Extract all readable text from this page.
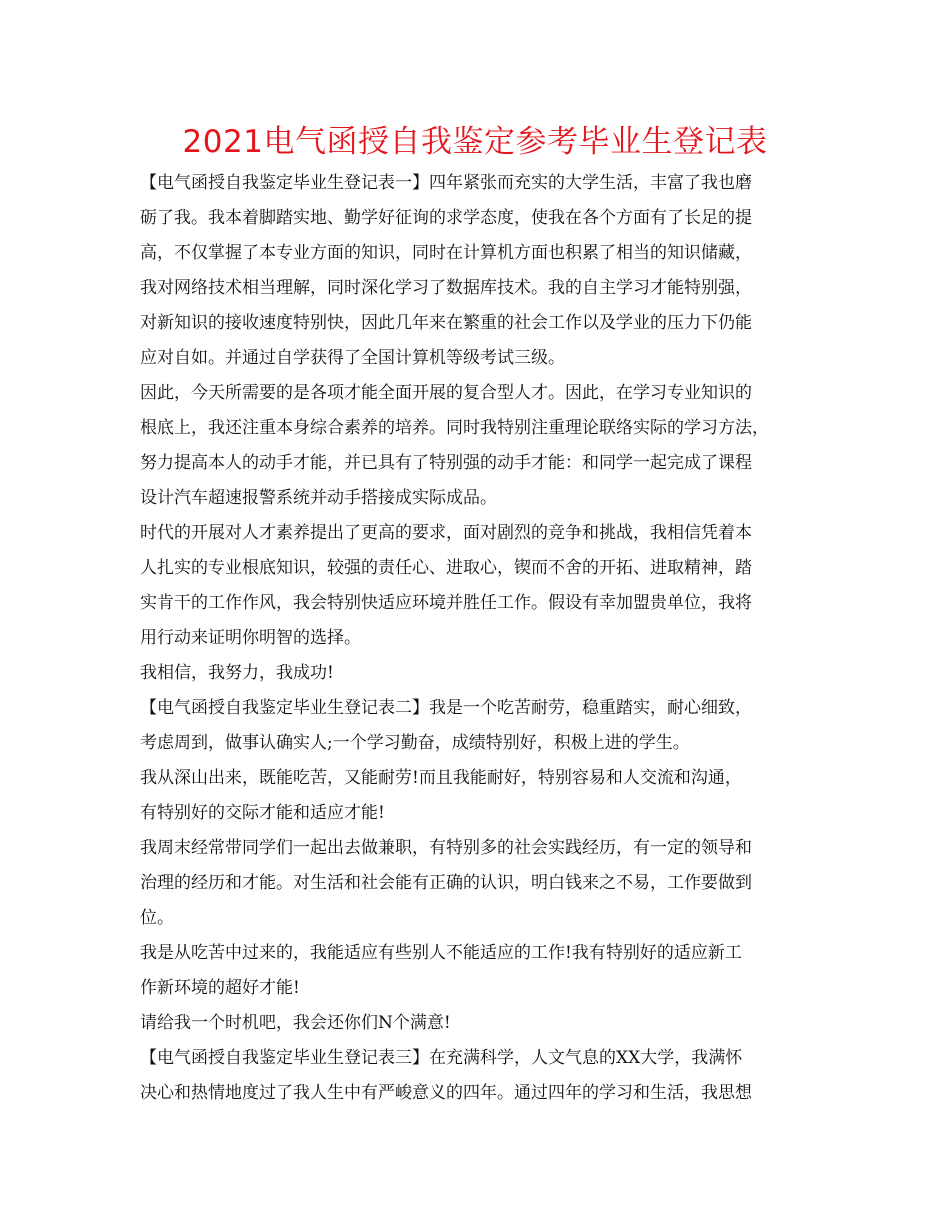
2021电气函授自我鉴定参考毕业生登记表

【电气函授自我鉴定毕业生登记表一】四年紧张而充实的大学生活，丰富了我也磨

砺了我。我本着脚踏实地、勤学好征询的求学态度，使我在各个方面有了长足的提

高，不仅掌握了本专业方面的知识，同时在计算机方面也积累了相当的知识储藏，

我对网络技术相当理解，同时深化学习了数据库技术。我的自主学习才能特别强，

对新知识的接收速度特别快，因此几年来在繁重的社会工作以及学业的压力下仍能

应对自如。并通过自学获得了全国计算机等级考试三级。

因此，今天所需要的是各项才能全面开展的复合型人才。因此，在学习专业知识的

根底上，我还注重本身综合素养的培养。同时我特别注重理论联络实际的学习方法，

努力提高本人的动手才能，并已具有了特别强的动手才能：和同学一起完成了课程

设计汽车超速报警系统并动手搭接成实际成品。

时代的开展对人才素养提出了更高的要求，面对剧烈的竞争和挑战，我相信凭着本

人扎实的专业根底知识，较强的责任心、进取心，锲而不舍的开拓、进取精神，踏

实肯干的工作作风，我会特别快适应环境并胜任工作。假设有幸加盟贵单位，我将

用行动来证明你明智的选择。

我相信，我努力，我成功!

【电气函授自我鉴定毕业生登记表二】我是一个吃苦耐劳，稳重踏实，耐心细致，

考虑周到，做事认确实人;一个学习勤奋，成绩特别好，积极上进的学生。

我从深山出来，既能吃苦，又能耐劳!而且我能耐好，特别容易和人交流和沟通，

有特别好的交际才能和适应才能!

我周末经常带同学们一起出去做兼职，有特别多的社会实践经历，有一定的领导和

治理的经历和才能。对生活和社会能有正确的认识，明白钱来之不易，工作要做到

位。

我是从吃苦中过来的，我能适应有些别人不能适应的工作!我有特别好的适应新工

作新环境的超好才能!

请给我一个时机吧，我会还你们N个满意!

【电气函授自我鉴定毕业生登记表三】在充满科学，人文气息的XX大学，我满怀

决心和热情地度过了我人生中有严峻意义的四年。通过四年的学习和生活，我思想
